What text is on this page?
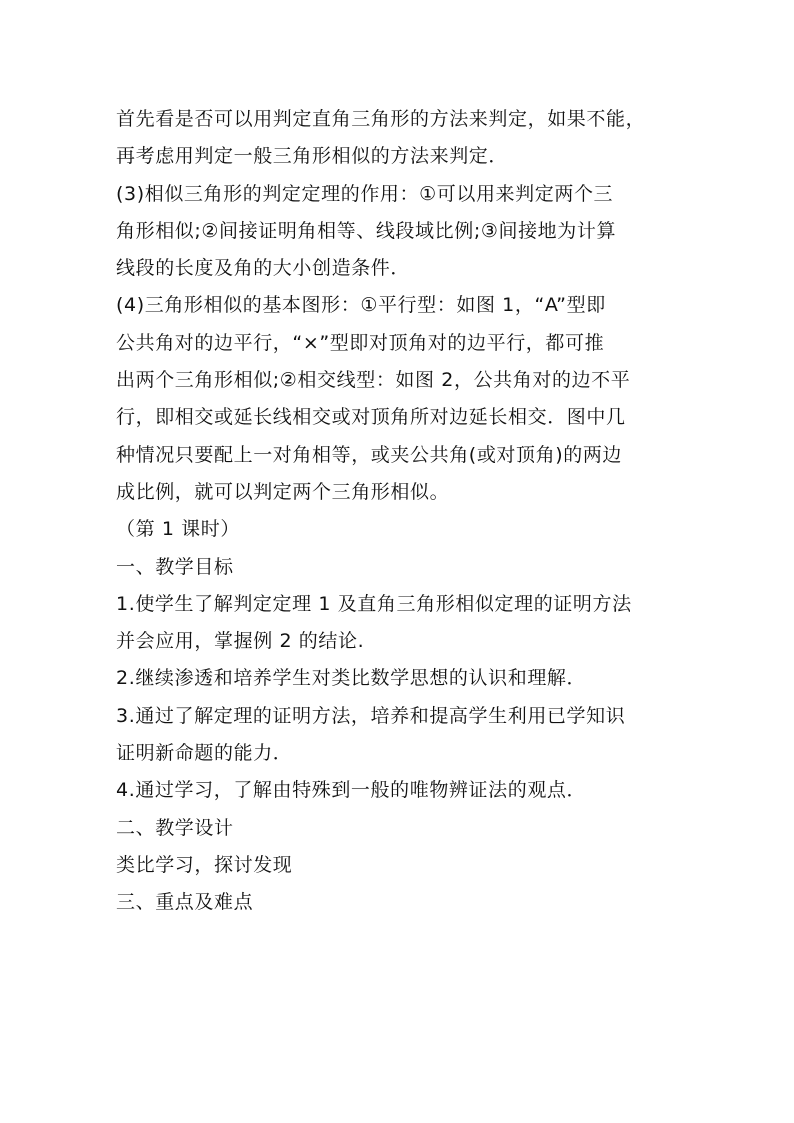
首先看是否可以用判定直角三角形的方法来判定，如果不能，
再考虑用判定一般三角形相似的方法来判定．
(3)相似三角形的判定定理的作用：①可以用来判定两个三
角形相似;②间接证明角相等、线段域比例;③间接地为计算
线段的长度及角的大小创造条件．
(4)三角形相似的基本图形：①平行型：如图 1，“A”型即
公共角对的边平行，“×”型即对顶角对的边平行，都可推
出两个三角形相似;②相交线型：如图 2，公共角对的边不平
行，即相交或延长线相交或对顶角所对边延长相交．图中几
种情况只要配上一对角相等，或夹公共角(或对顶角)的两边
成比例，就可以判定两个三角形相似。
（第 1 课时）
一、教学目标
1.使学生了解判定定理 1 及直角三角形相似定理的证明方法
并会应用，掌握例 2 的结论.
2.继续渗透和培养学生对类比数学思想的认识和理解．
3.通过了解定理的证明方法，培养和提高学生利用已学知识
证明新命题的能力．
4.通过学习，了解由特殊到一般的唯物辨证法的观点．
二、教学设计
类比学习，探讨发现
三、重点及难点
